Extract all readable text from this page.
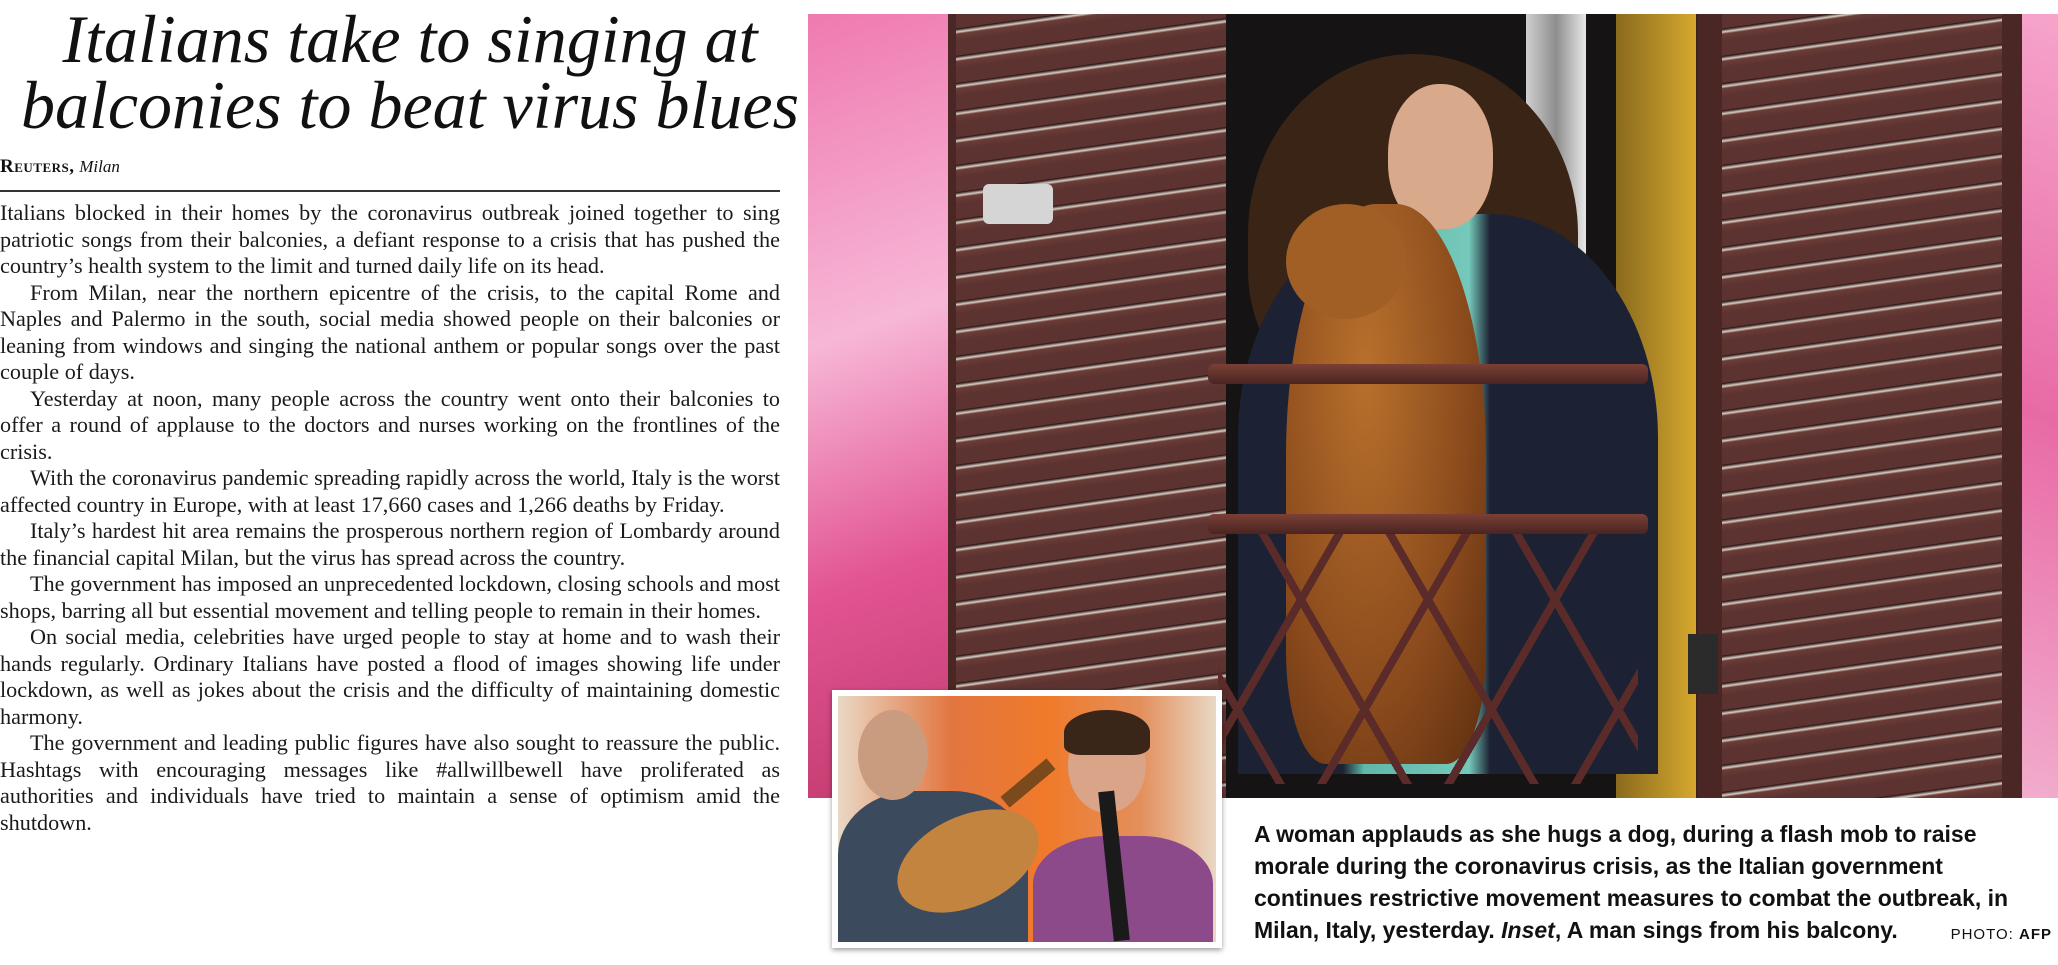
Italians take to singing at
balconies to beat virus blues
Reuters, Milan

Italians blocked in their homes by the coronavirus outbreak joined together to sing patriotic songs from their balconies, a defiant response to a crisis that has pushed the country’s health system to the limit and turned daily life on its head.

From Milan, near the northern epicentre of the crisis, to the capital Rome and Naples and Palermo in the south, social media showed people on their balconies or leaning from windows and singing the national anthem or popular songs over the past couple of days.

Yesterday at noon, many people across the country went onto their balconies to offer a round of applause to the doctors and nurses working on the frontlines of the crisis.

With the coronavirus pandemic spreading rapidly across the world, Italy is the worst affected country in Europe, with at least 17,660 cases and 1,266 deaths by Friday.

Italy’s hardest hit area remains the prosperous northern region of Lombardy around the financial capital Milan, but the virus has spread across the country.

The government has imposed an unprecedented lockdown, closing schools and most shops, barring all but essential movement and telling people to remain in their homes.

On social media, celebrities have urged people to stay at home and to wash their hands regularly. Ordinary Italians have posted a flood of images showing life under lockdown, as well as jokes about the crisis and the difficulty of maintaining domestic harmony.

The government and leading public figures have also sought to reassure the public. Hashtags with encouraging messages like #allwillbewell have proliferated as authorities and individuals have tried to maintain a sense of optimism amid the shutdown.	A woman applauds as she hugs a dog, during a flash mob to raise morale during the coronavirus crisis, as the Italian government continues restrictive movement measures to combat the outbreak, in Milan, Italy, yesterday. Inset, A man sings from his balcony.	PHOTO: AFP
